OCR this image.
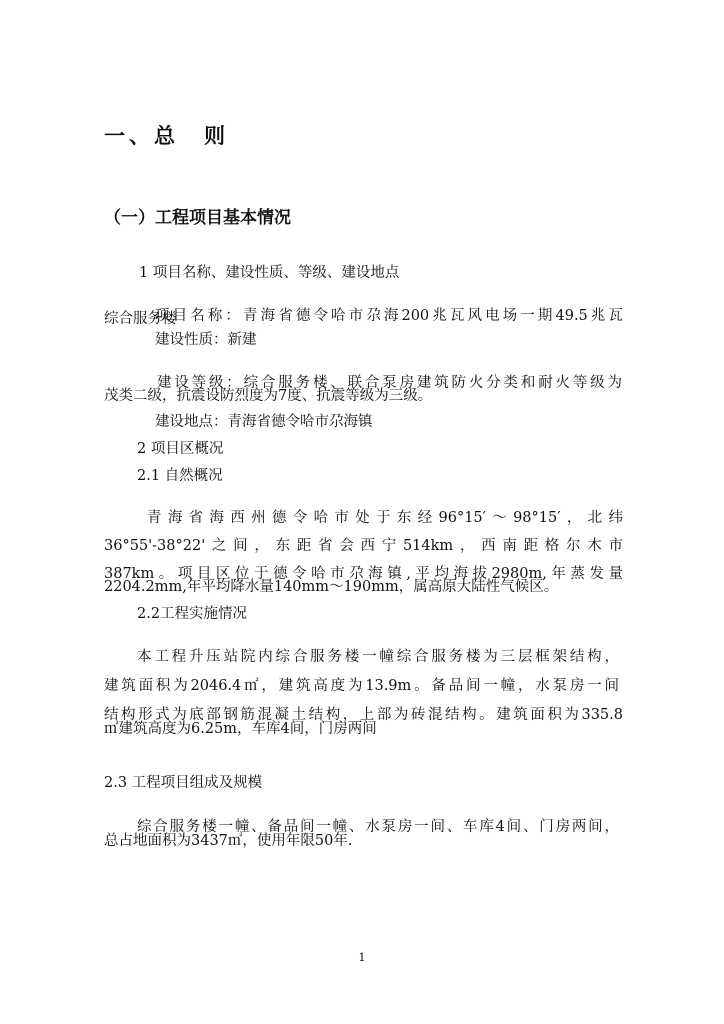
一、总　则
（一）工程项目基本情况

1 项目名称、建设性质、等级、建设地点

项目名称：青海省德令哈市尕海200兆瓦风电场一期49.5兆瓦

综合服务楼

建设性质：新建

建设等级：综合服务楼、联合泵房建筑防火分类和耐火等级为

茂类二级，抗震设防烈度为7度、抗震等级为三级。

建设地点：青海省德令哈市尕海镇

2 项目区概况

2.1 自然概况

青海省海西州德令哈市处于东经96°15′～98°15′，北纬

36°55'-38°22'之间，东距省会西宁514km，西南距格尔木市

387km。项目区位于德令哈市尕海镇,平均海拔2980m,年蒸发量

2204.2mm,年平均降水量140mm～190mm，属高原大陆性气候区。

2.2工程实施情况

本工程升压站院内综合服务楼一幢综合服务楼为三层框架结构，

建筑面积为2046.4㎡，建筑高度为13.9m。备品间一幢，水泵房一间

结构形式为底部钢筋混凝土结构，上部为砖混结构。建筑面积为335.8

㎡建筑高度为6.25m，车库4间，门房两间

2.3 工程项目组成及规模

综合服务楼一幢、备品间一幢、水泵房一间、车库4间、门房两间，

总占地面积为3437㎡，使用年限50年.

1
